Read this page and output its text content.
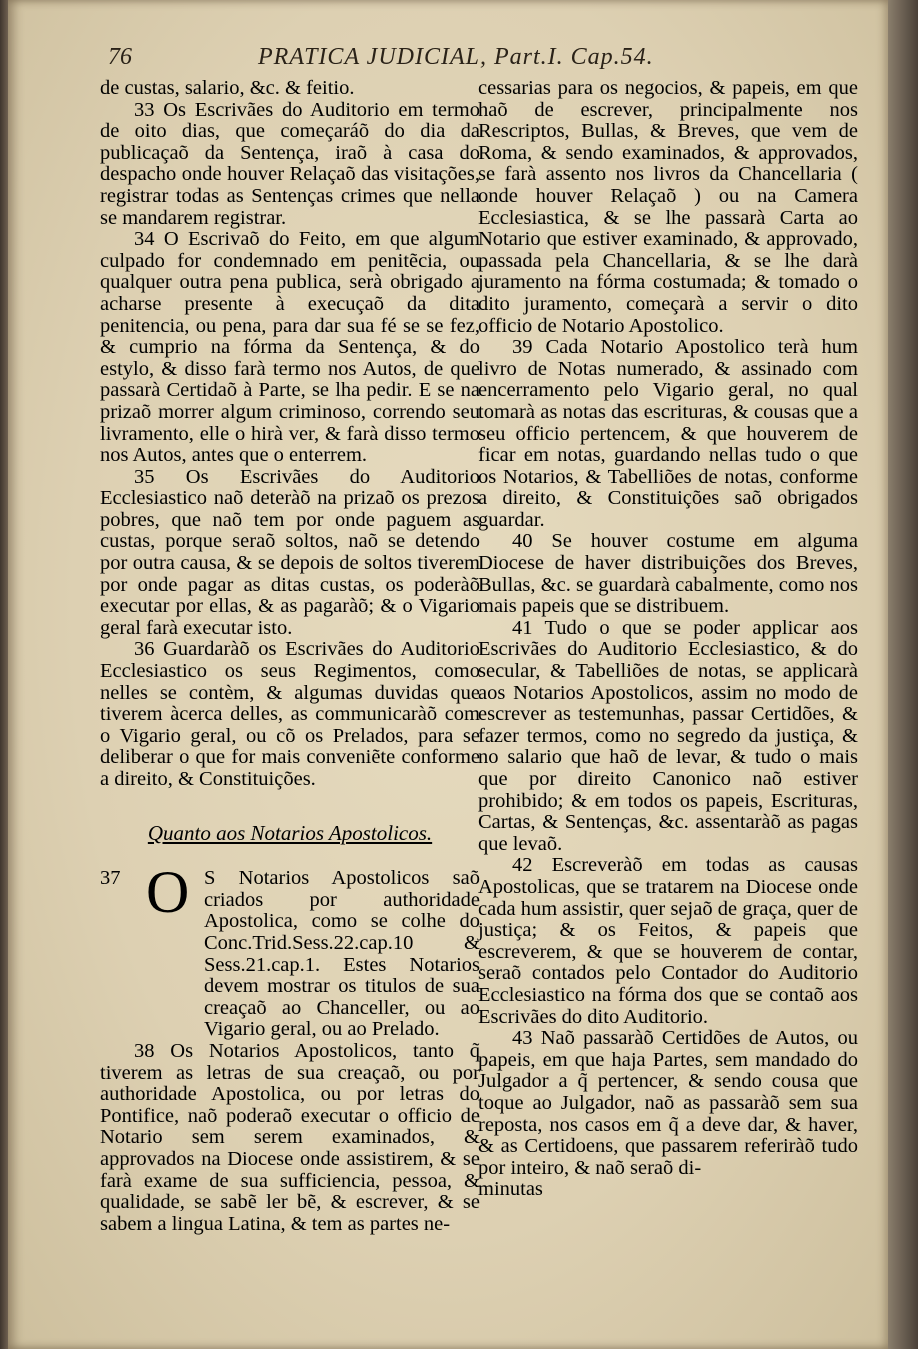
76	PRATICA JUDICIAL, Part.I. Cap.54.

de custas, salario, &c. & feitio.

33 Os Escrivães do Auditorio em termo de oito dias, que começaráõ do dia da publicaçaõ da Sentença, iraõ à casa do despacho onde houver Relaçaõ das visitações, registrar todas as Sentenças crimes que nella se mandarem registrar.

34 O Escrivaõ do Feito, em que algum culpado for condemnado em penitẽcia, ou qualquer outra pena publica, serà obrigado a acharse presente à execuçaõ da dita penitencia, ou pena, para dar sua fé se se fez, & cumprio na fórma da Sentença, & do estylo, & disso farà termo nos Autos, de que passarà Certidaõ à Parte, se lha pedir. E se na prizaõ morrer algum criminoso, correndo seu livramento, elle o hirà ver, & farà disso termo nos Autos, antes que o enterrem.

35 Os Escrivães do Auditorio Ecclesiastico naõ deteràõ na prizaõ os prezos pobres, que naõ tem por onde paguem as custas, porque seraõ soltos, naõ se detendo por outra causa, & se depois de soltos tiverem por onde pagar as ditas custas, os poderàõ executar por ellas, & as pagaràõ; & o Vigario geral farà executar isto.

36 Guardaràõ os Escrivães do Auditorio Ecclesiastico os seus Regimentos, como nelles se contèm, & algumas duvidas que tiverem àcerca delles, as communicaràõ com o Vigario geral, ou cõ os Prelados, para se deliberar o que for mais conveniẽte conforme a direito, & Constituições.

Quanto aos Notarios Apostolicos.
37 O S Notarios Apostolicos saõ criados por authoridade Apostolica, como se colhe do Conc.Trid.Sess.22.cap.10 & Sess.21.cap.1. Estes Notarios devem mostrar os titulos de sua creaçaõ ao Chanceller, ou ao Vigario geral, ou ao Prelado.

38 Os Notarios Apostolicos, tanto q̃ tiverem as letras de sua creaçaõ, ou por authoridade Apostolica, ou por letras do Pontifice, naõ poderaõ executar o officio de Notario sem serem examinados, & approvados na Diocese onde assistirem, & se farà exame de sua sufficiencia, pessoa, & qualidade, se sabẽ ler bẽ, & escrever, & se sabem a lingua Latina, & tem as partes ne-

cessarias para os negocios, & papeis, em que haõ de escrever, principalmente nos Rescriptos, Bullas, & Breves, que vem de Roma, & sendo examinados, & approvados, se farà assento nos livros da Chancellaria ( onde houver Relaçaõ ) ou na Camera Ecclesiastica, & se lhe passarà Carta ao Notario que estiver examinado, & approvado, passada pela Chancellaria, & se lhe darà juramento na fórma costumada; & tomado o dito juramento, começarà a servir o dito officio de Notario Apostolico.

39 Cada Notario Apostolico terà hum livro de Notas numerado, & assinado com encerramento pelo Vigario geral, no qual tomarà as notas das escrituras, & cousas que a seu officio pertencem, & que houverem de ficar em notas, guardando nellas tudo o que os Notarios, & Tabelliões de notas, conforme a direito, & Constituições saõ obrigados guardar.

40 Se houver costume em alguma Diocese de haver distribuições dos Breves, Bullas, &c. se guardarà cabalmente, como nos mais papeis que se distribuem.

41 Tudo o que se poder applicar aos Escrivães do Auditorio Ecclesiastico, & do secular, & Tabelliões de notas, se applicarà aos Notarios Apostolicos, assim no modo de escrever as testemunhas, passar Certidões, & fazer termos, como no segredo da justiça, & no salario que haõ de levar, & tudo o mais que por direito Canonico naõ estiver prohibido; & em todos os papeis, Escrituras, Cartas, & Sentenças, &c. assentaràõ as pagas que levaõ.

42 Escreveràõ em todas as causas Apostolicas, que se tratarem na Diocese onde cada hum assistir, quer sejaõ de graça, quer de justiça; & os Feitos, & papeis que escreverem, & que se houverem de contar, seraõ contados pelo Contador do Auditorio Ecclesiastico na fórma dos que se contaõ aos Escrivães do dito Auditorio.

43 Naõ passaràõ Certidões de Autos, ou papeis, em que haja Partes, sem mandado do Julgador a q̃ pertencer, & sendo cousa que toque ao Julgador, naõ as passaràõ sem sua reposta, nos casos em q̃ a deve dar, & haver, & as Certidoens, que passarem referiràõ tudo por inteiro, & naõ seraõ di-

minutas
